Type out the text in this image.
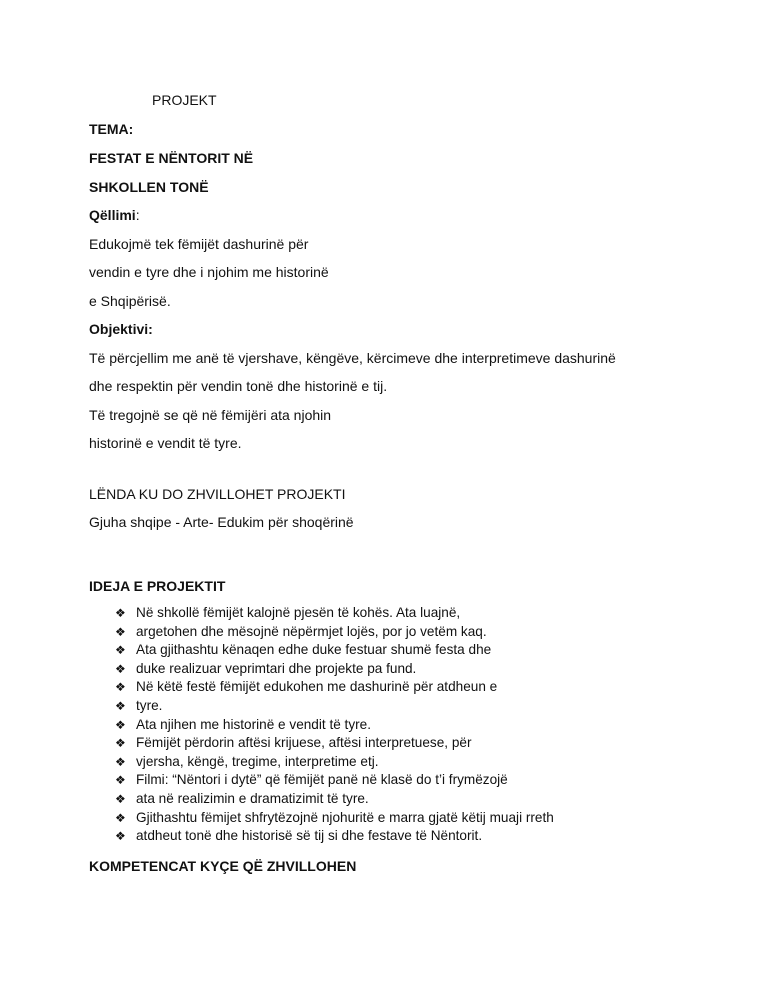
PROJEKT
TEMA:
FESTAT E NËNTORIT NË
SHKOLLEN TONË
Qëllimi:
Edukojmë tek fëmijët dashurinë për
vendin e tyre dhe i njohim me historinë
e Shqipërisë.
Objektivi:
Të përcjellim me anë të vjershave, këngëve, kërcimeve dhe interpretimeve dashurinë
dhe respektin për vendin tonë dhe historinë e tij.
Të tregojnë se që në fëmijëri ata njohin
historinë e vendit të tyre.
LËNDA KU DO ZHVILLOHET PROJEKTI
Gjuha shqipe - Arte- Edukim për shoqërinë
IDEJA E PROJEKTIT
❖ Në shkollë fëmijët kalojnë pjesën të kohës. Ata luajnë,
❖ argetohen dhe mësojnë nëpërmjet lojës, por jo vetëm kaq.
❖ Ata gjithashtu kënaqen edhe duke festuar shumë festa dhe
❖ duke realizuar veprimtari dhe projekte pa fund.
❖ Në këtë festë fëmijët edukohen me dashurinë për atdheun e
❖ tyre.
❖ Ata njihen me historinë e vendit të tyre.
❖ Fëmijët përdorin aftësi krijuese, aftësi interpretuese, për
❖ vjersha, këngë, tregime, interpretime etj.
❖ Filmi: “Nëntori i dytë” që fëmijët panë në klasë do t’i frymëzojë
❖ ata në realizimin e dramatizimit të tyre.
❖ Gjithashtu fëmijet shfrytëzojnë njohuritë e marra gjatë këtij muaji rreth
❖ atdheut tonë dhe historisë së tij si dhe festave të Nëntorit.
KOMPETENCAT KYÇE QË ZHVILLOHEN
